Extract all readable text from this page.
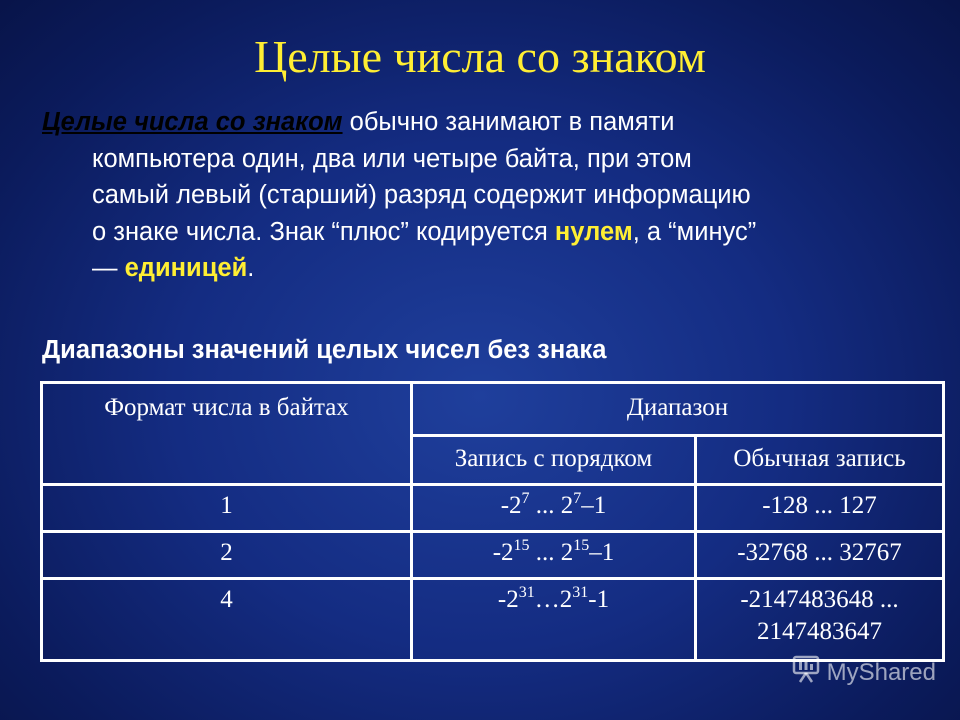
Целые числа со знаком
Целые числа со знаком обычно занимают в памяти
компьютера один, два или четыре байта, при этом
самый левый (старший) разряд содержит информацию
о знаке числа. Знак “плюс” кодируется нулем, а “минус”
— единицей.
Диапазоны значений целых чисел без знака
Формат числа в байтах	Диапазон	
	Запись с порядком	Обычная запись
1	$-2^7$ ... $2^7-1$	-128 ... 127
2	$-2^{15}$ ... $2^{15}-1$	-32768 ... 32767
4	$-2^{31}\dots 2^{31}-1$	-2147483648 ... 2147483647
MyShared
